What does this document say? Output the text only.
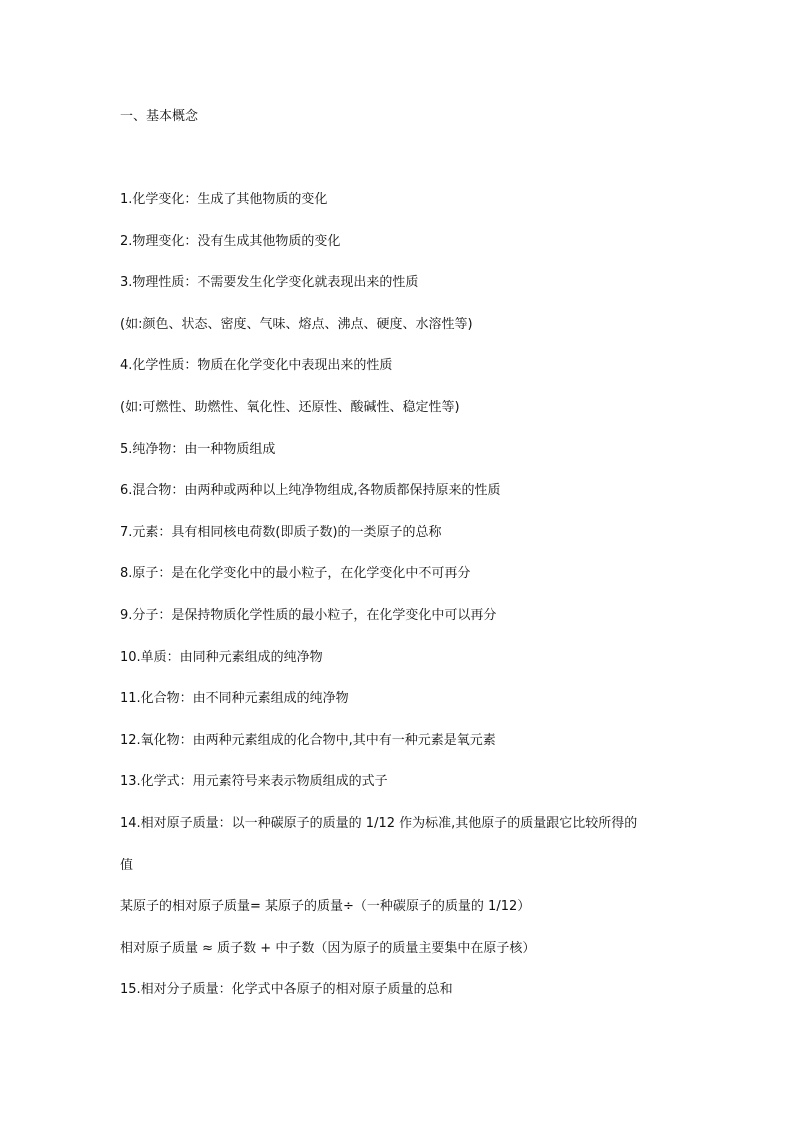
一、基本概念
1.化学变化：生成了其他物质的变化
2.物理变化：没有生成其他物质的变化
3.物理性质：不需要发生化学变化就表现出来的性质
(如:颜色、状态、密度、气味、熔点、沸点、硬度、水溶性等)
4.化学性质：物质在化学变化中表现出来的性质
(如:可燃性、助燃性、氧化性、还原性、酸碱性、稳定性等)
5.纯净物：由一种物质组成
6.混合物：由两种或两种以上纯净物组成,各物质都保持原来的性质
7.元素：具有相同核电荷数(即质子数)的一类原子的总称
8.原子：是在化学变化中的最小粒子，在化学变化中不可再分
9.分子：是保持物质化学性质的最小粒子，在化学变化中可以再分
10.单质：由同种元素组成的纯净物
11.化合物：由不同种元素组成的纯净物
12.氧化物：由两种元素组成的化合物中,其中有一种元素是氧元素
13.化学式：用元素符号来表示物质组成的式子
14.相对原子质量：以一种碳原子的质量的 1/12 作为标准,其他原子的质量跟它比较所得的
值
某原子的相对原子质量= 某原子的质量÷（一种碳原子的质量的 1/12）
相对原子质量 ≈ 质子数 + 中子数（因为原子的质量主要集中在原子核）
15.相对分子质量：化学式中各原子的相对原子质量的总和
